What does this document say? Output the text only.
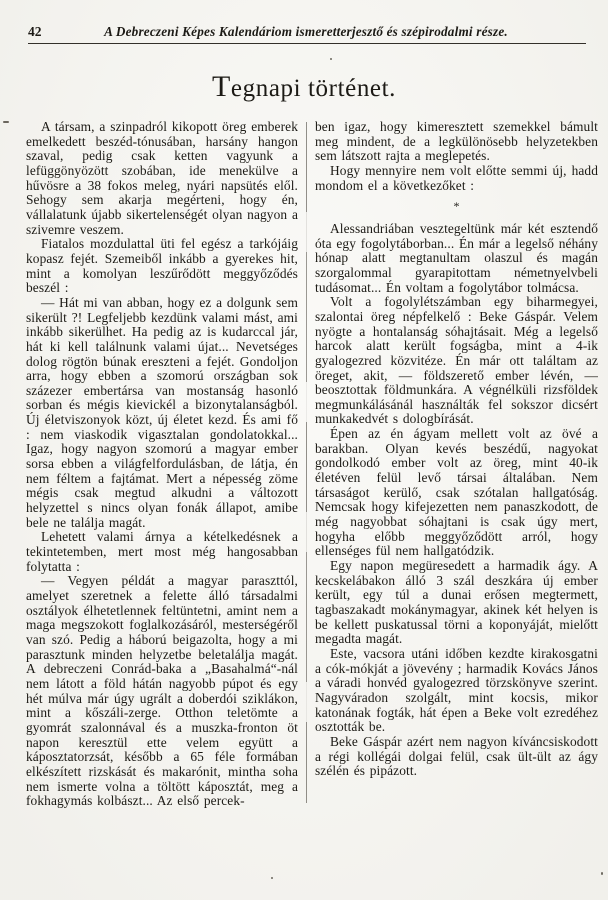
42	A Debreczeni Képes Kalendáriom ismeretterjesztő és szépirodalmi része.
Tegnapi történet.

A társam, a szinpadról kikopott öreg emberek emelkedett beszéd-tónusában, harsány hangon szaval, pedig csak ketten vagyunk a lefüggönyözött szobában, ide menekülve a hűvösre a 38 fokos meleg, nyári napsütés elől. Sehogy sem akarja megérteni, hogy én, vállalatunk újabb sikertelenségét olyan nagyon a szivemre veszem.

Fiatalos mozdulattal üti fel egész a tarkójáig kopasz fejét. Szemeiből inkább a gyerekes hit, mint a komolyan leszűrődött meggyőződés beszél :

— Hát mi van abban, hogy ez a dolgunk sem sikerült ?! Legfeljebb kezdünk valami mást, ami inkább sikerülhet. Ha pedig az is kudarccal jár, hát ki kell találnunk valami újat... Nevetséges dolog rögtön búnak ereszteni a fejét. Gondoljon arra, hogy ebben a szomorú országban sok százezer embertársa van mostanság hasonló sorban és mégis kievickél a bizonytalanságból. Új életviszonyok közt, új életet kezd. És ami fő : nem viaskodik vigasztalan gondolatokkal... Igaz, hogy nagyon szomorú a magyar ember sorsa ebben a világfelfordulásban, de látja, én nem féltem a fajtámat. Mert a népesség zöme mégis csak megtud alkudni a változott helyzettel s nincs olyan fonák állapot, amibe bele ne találja magát.

Lehetett valami árnya a kételkedésnek a tekintetemben, mert most még hangosabban folytatta :

— Vegyen példát a magyar paraszttól, amelyet szeretnek a felette álló társadalmi osztályok élhetetlennek feltüntetni, amint nem a maga megszokott foglalkozásáról, mesterségéről van szó. Pedig a háború beigazolta, hogy a mi parasztunk minden helyzetbe beletalálja magát. A debreczeni Conrád-baka a „Basahalmá“-nál nem látott a föld hátán nagyobb púpot és egy hét múlva már úgy ugrált a doberdói sziklákon, mint a kőszáli-zerge. Otthon teletömte a gyomrát szalonnával és a muszka-fronton öt napon keresztül ette velem együtt a káposztatorzsát, később a 65 féle formában elkészített rizskását és makarónit, mintha soha nem ismerte volna a töltött káposztát, meg a fokhagymás kolbászt... Az első percek-

ben igaz, hogy kimeresztett szemekkel bámult meg mindent, de a legkülönösebb helyzetekben sem látszott rajta a meglepetés.

Hogy mennyire nem volt előtte semmi új, hadd mondom el a következőket :

*

Alessandriában vesztegeltünk már két esztendő óta egy fogolytáborban... Én már a legelső néhány hónap alatt megtanultam olaszul és magán szorgalommal gyarapitottam németnyelvbeli tudásomat... Én voltam a fogolytábor tolmácsa.

Volt a fogolylétszámban egy biharmegyei, szalontai öreg népfelkelő : Beke Gáspár. Velem nyögte a hontalanság sóhajtásait. Még a legelső harcok alatt került fogságba, mint a 4-ik gyalogezred közvitéze. Én már ott találtam az öreget, akit, — földszerető ember lévén, — beosztottak földmunkára. A végnélküli rizsföldek megmunkálásánál használták fel sokszor dicsért munkakedvét s dologbírását.

Épen az én ágyam mellett volt az övé a barakban. Olyan kevés beszédű, nagyokat gondolkodó ember volt az öreg, mint 40-ik életéven felül levő társai általában. Nem társaságot kerülő, csak szótalan hallgatóság. Nemcsak hogy kifejezetten nem panaszkodott, de még nagyobbat sóhajtani is csak úgy mert, hogyha előbb meggyőződött arról, hogy ellenséges fül nem hallgatódzik.

Egy napon megüresedett a harmadik ágy. A kecskelábakon álló 3 szál deszkára új ember került, egy túl a dunai erősen megtermett, tagbaszakadt mokánymagyar, akinek két helyen is be kellett puskatussal törni a koponyáját, mielőtt megadta magát.

Este, vacsora utáni időben kezdte kirakosgatni a cók-mókját a jövevény ; harmadik Kovács János a váradi honvéd gyalogezred törzskönyve szerint. Nagyváradon szolgált, mint kocsis, mikor katonának fogták, hát épen a Beke volt ezredéhez osztották be.

Beke Gáspár azért nem nagyon kíváncsiskodott a régi kollégái dolgai felül, csak ült-ült az ágy szélén és pipázott.
